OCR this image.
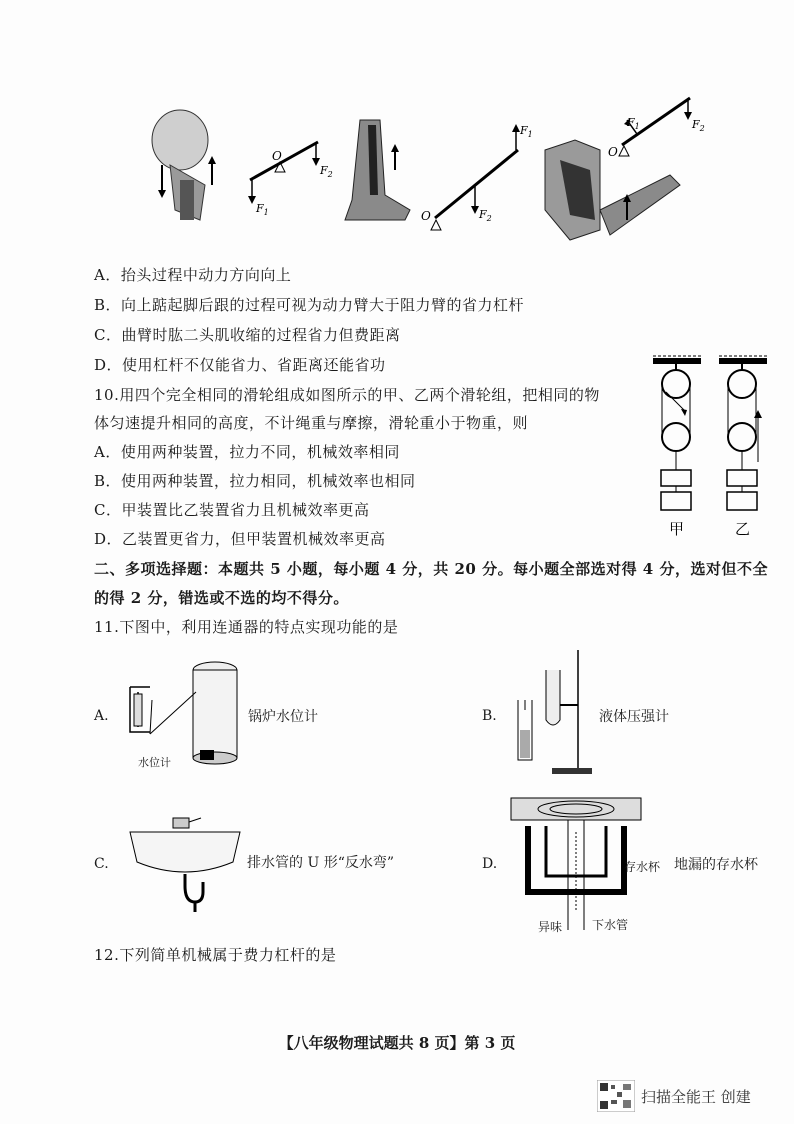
O
$F_1$
$F_2$
O
$F_1$
$F_2$
O
$F_1$	$F_2$
A．抬头过程中动力方向向上
B．向上踮起脚后跟的过程可视为动力臂大于阻力臂的省力杠杆
C．曲臂时肱二头肌收缩的过程省力但费距离
D．使用杠杆不仅能省力、省距离还能省功
10.用四个完全相同的滑轮组成如图所示的甲、乙两个滑轮组，把相同的物
体匀速提升相同的高度，不计绳重与摩擦，滑轮重小于物重，则
A．使用两种装置，拉力不同，机械效率相同
B．使用两种装置，拉力相同，机械效率也相同
C．甲装置比乙装置省力且机械效率更高
D．乙装置更省力，但甲装置机械效率更高
甲	乙
二、多项选择题：本题共 5 小题，每小题 4 分，共 20 分。每小题全部选对得 4 分，选对但不全
的得 2 分，错选或不选的均不得分。
11.下图中，利用连通器的特点实现功能的是
A.
水位计
锅炉水位计	B.	液体压强计
C.	排水管的 U 形“反水弯”	D.	存水杯 地漏的存水杯
异味 下水管
12.下列简单机械属于费力杠杆的是
【八年级物理试题共 8 页】第 3 页
扫描全能王 创建
